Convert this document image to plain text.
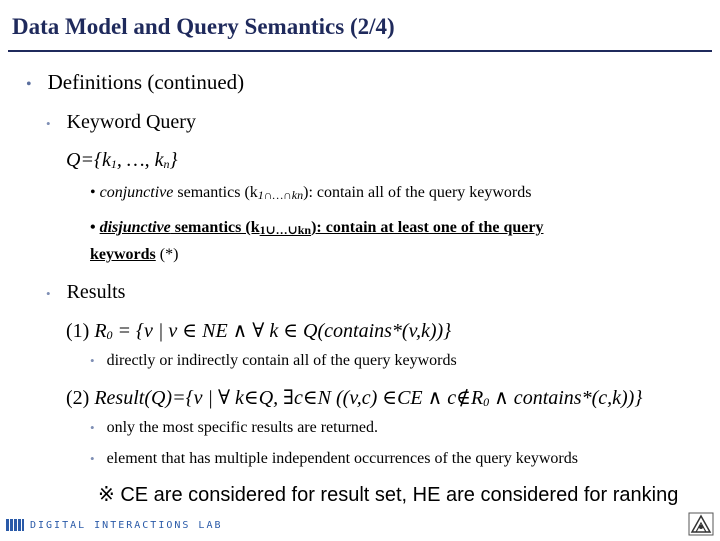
Data Model and Query Semantics (2/4)
• Definitions (continued)
• Keyword Query
Q={k1, …, kn}
• conjunctive semantics (k1∩…∩kn): contain all of the query keywords
• disjunctive semantics (k1∪…∪kn): contain at least one of the query
keywords (*)
• Results
(1) R0 = {v | v ∈ NE ∧ ∀ k ∈ Q(contains*(v,k))}
• directly or indirectly contain all of the query keywords
(2) Result(Q)={v | ∀ k∈Q, ∃c∈N ((v,c) ∈CE ∧ c∉R0 ∧ contains*(c,k))}
• only the most specific results are returned.
• element that has multiple independent occurrences of the query keywords
※ CE are considered for result set, HE are considered for ranking
DIGITAL INTERACTIONS LAB
